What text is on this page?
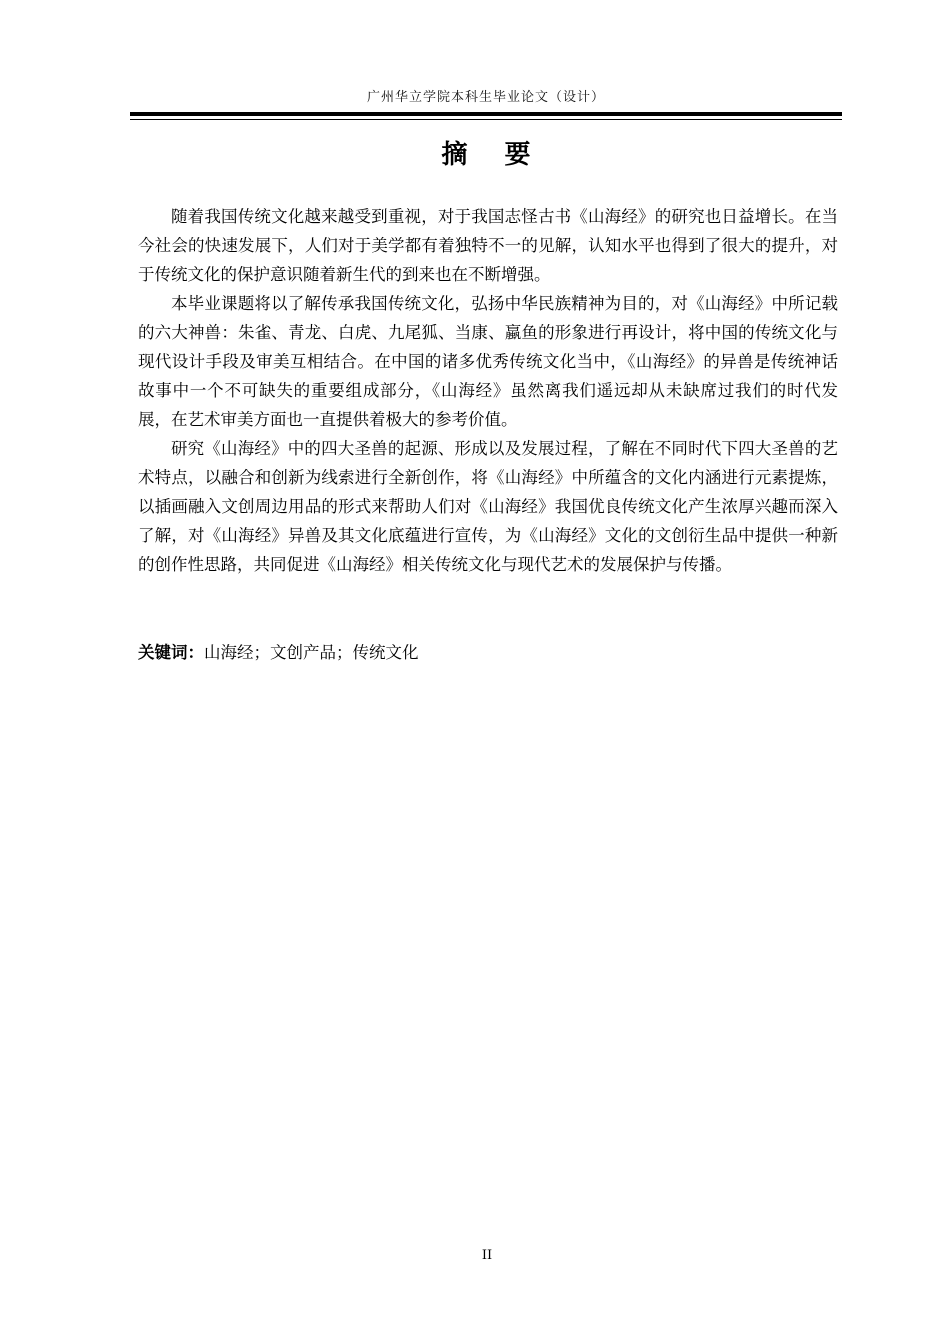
广州华立学院本科生毕业论文（设计）
摘 要

随着我国传统文化越来越受到重视，对于我国志怪古书《山海经》的研究也日益增长。在当今社会的快速发展下，人们对于美学都有着独特不一的见解，认知水平也得到了很大的提升，对于传统文化的保护意识随着新生代的到来也在不断增强。

本毕业课题将以了解传承我国传统文化，弘扬中华民族精神为目的，对《山海经》中所记载的六大神兽：朱雀、青龙、白虎、九尾狐、当康、蠃鱼的形象进行再设计，将中国的传统文化与现代设计手段及审美互相结合。在中国的诸多优秀传统文化当中，《山海经》的异兽是传统神话故事中一个不可缺失的重要组成部分，《山海经》虽然离我们遥远却从未缺席过我们的时代发展，在艺术审美方面也一直提供着极大的参考价值。

研究《山海经》中的四大圣兽的起源、形成以及发展过程，了解在不同时代下四大圣兽的艺术特点，以融合和创新为线索进行全新创作，将《山海经》中所蕴含的文化内涵进行元素提炼，以插画融入文创周边用品的形式来帮助人们对《山海经》我国优良传统文化产生浓厚兴趣而深入了解，对《山海经》异兽及其文化底蕴进行宣传，为《山海经》文化的文创衍生品中提供一种新的创作性思路，共同促进《山海经》相关传统文化与现代艺术的发展保护与传播。

关键词：山海经；文创产品；传统文化
II
